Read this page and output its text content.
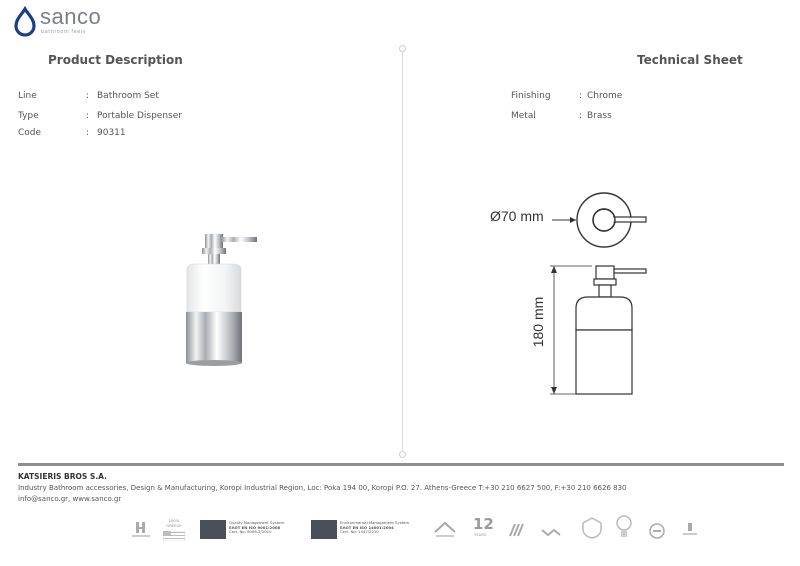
sanco
bathroom feels
Product Description	Technical Sheet
Line	: Bathroom Set
Type	: Portable Dispenser
Code	: 90311
Finishing	: Chrome
Metal	: Brass
Ø70 mm
180 mm
KATSIERIS BROS S.A.
Industry Bathroom accessories, Design & Manufacturing, Koropi Industrial Region, Loc: Poka 194 00, Koropi P.O. 27. Athens-Greece T:+30 210 6627 500, F:+30 210 6626 830
info@sanco.gr, www.sanco.gr
100% GREECE	Quality Management System
ΕΛΟΤ EN ISO 9001:2008
Cert. No: 6008-2/2010
Environmental Management System
ΕΛΟΤ EN ISO 14001:2004
Cert. No: 1447/2010	12
YEARS
